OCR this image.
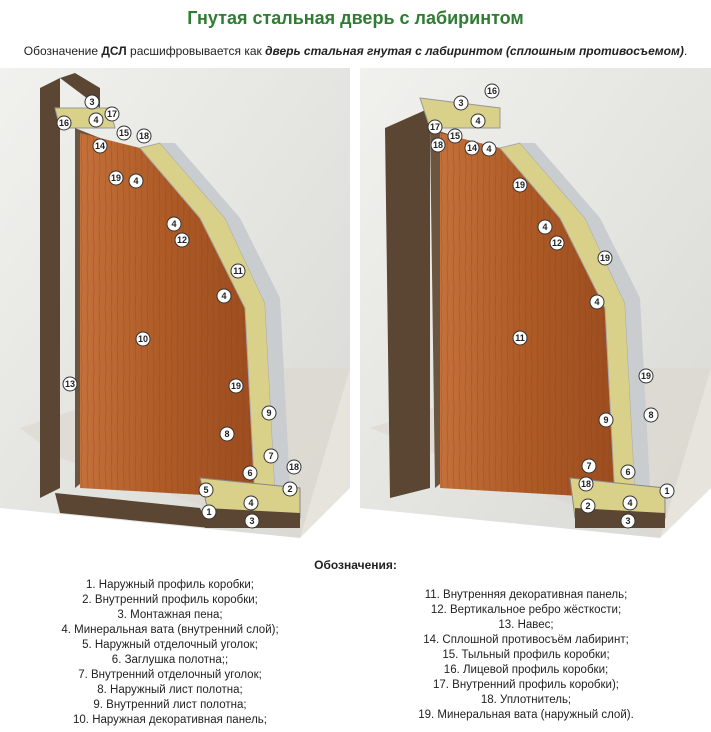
Гнутая стальная дверь с лабиринтом
Обозначение ДСЛ расшифровывается как дверь стальная гнутая с лабиринтом (сплошным противосъемом).
3
17
16	4
15 18
14
19 4
4
12
11
4
10
13	19
9
8
7
6
18
5	2
4
1
3
16
3
17
4
15
18	14 4
19
4
12
19
4
11
19
9	8
7
6
18
2	4
1
3
Обозначения:
1. Наружный профиль коробки;
2. Внутренний профиль коробки;
3. Монтажная пена;
4. Минеральная вата (внутренний слой);
5. Наружный отделочный уголок;
6. Заглушка полотна;;
7. Внутренний отделочный уголок;
8. Наружный лист полотна;
9. Внутренний лист полотна;
10. Наружная декоративная панель;
11. Внутренняя декоративная панель;
12. Вертикальное ребро жёсткости;
13. Навес;
14. Сплошной противосъём лабиринт;
15. Тыльный профиль коробки;
16. Лицевой профиль коробки;
17. Внутренний профиль коробки);
18. Уплотнитель;
19. Минеральная вата (наружный слой).
